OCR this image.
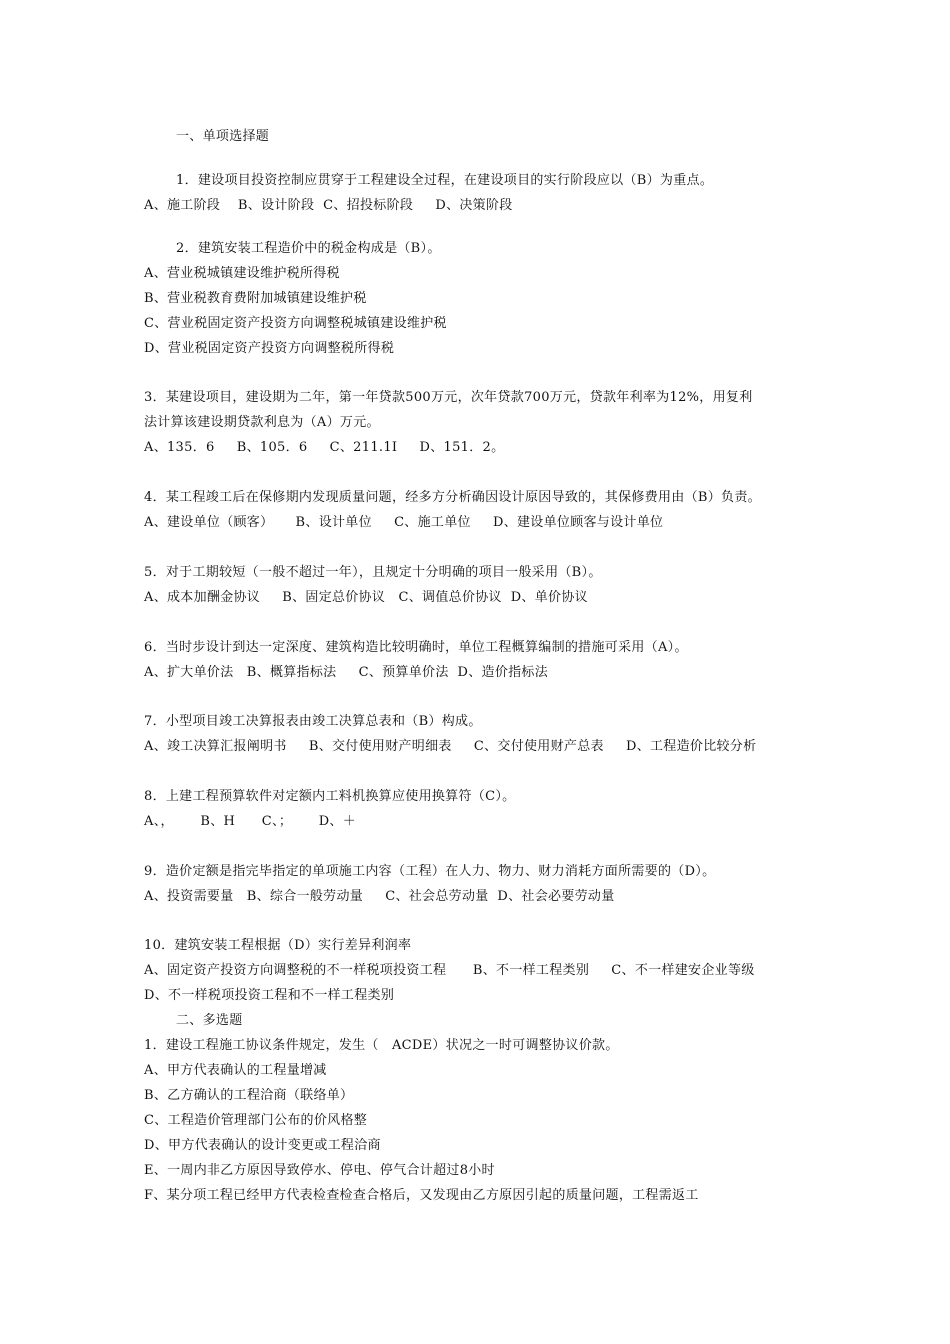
一、单项选择题
1．建设项目投资控制应贯穿于工程建设全过程，在建设项目的实行阶段应以（B）为重点。
A、施工阶段    B、设计阶段  C、招投标阶段     D、决策阶段
2．建筑安装工程造价中的税金构成是（B）。
A、营业税城镇建设维护税所得税
B、营业税教育费附加城镇建设维护税
C、营业税固定资产投资方向调整税城镇建设维护税
D、营业税固定资产投资方向调整税所得税
3．某建设项目，建设期为二年，第一年贷款500万元，次年贷款700万元，贷款年利率为12%，用复利
法计算该建设期贷款利息为（A）万元。
A、135．6     B、105．6     C、211.1I     D、151．2。
4．某工程竣工后在保修期内发现质量问题，经多方分析确因设计原因导致的，其保修费用由（B）负责。
A、建设单位（顾客）     B、设计单位     C、施工单位     D、建设单位顾客与设计单位
5．对于工期较短（一般不超过一年），且规定十分明确的项目一般采用（B）。
A、成本加酬金协议     B、固定总价协议   C、调值总价协议  D、单价协议
6．当时步设计到达一定深度、建筑构造比较明确时，单位工程概算编制的措施可采用（A）。
A、扩大单价法   B、概算指标法     C、预算单价法  D、造价指标法
7．小型项目竣工决算报表由竣工决算总表和（B）构成。
A、竣工决算汇报阐明书     B、交付使用财产明细表     C、交付使用财产总表     D、工程造价比较分析
8．上建工程预算软件对定额内工料机换算应使用换算符（C）。
A、，      B、H      C、；      D、＋
9．造价定额是指完毕指定的单项施工内容（工程）在人力、物力、财力消耗方面所需要的（D）。
A、投资需要量   B、综合一般劳动量     C、社会总劳动量  D、社会必要劳动量
10．建筑安装工程根据（D）实行差异利润率
A、固定资产投资方向调整税的不一样税项投资工程      B、不一样工程类别     C、不一样建安企业等级
D、不一样税项投资工程和不一样工程类别
二、多选题
1．建设工程施工协议条件规定，发生（   ACDE）状况之一时可调整协议价款。
A、甲方代表确认的工程量增减
B、乙方确认的工程洽商（联络单）
C、工程造价管理部门公布的价风格整
D、甲方代表确认的设计变更或工程洽商
E、一周内非乙方原因导致停水、停电、停气合计超过8小时
F、某分项工程已经甲方代表检查检查合格后，又发现由乙方原因引起的质量问题，工程需返工
